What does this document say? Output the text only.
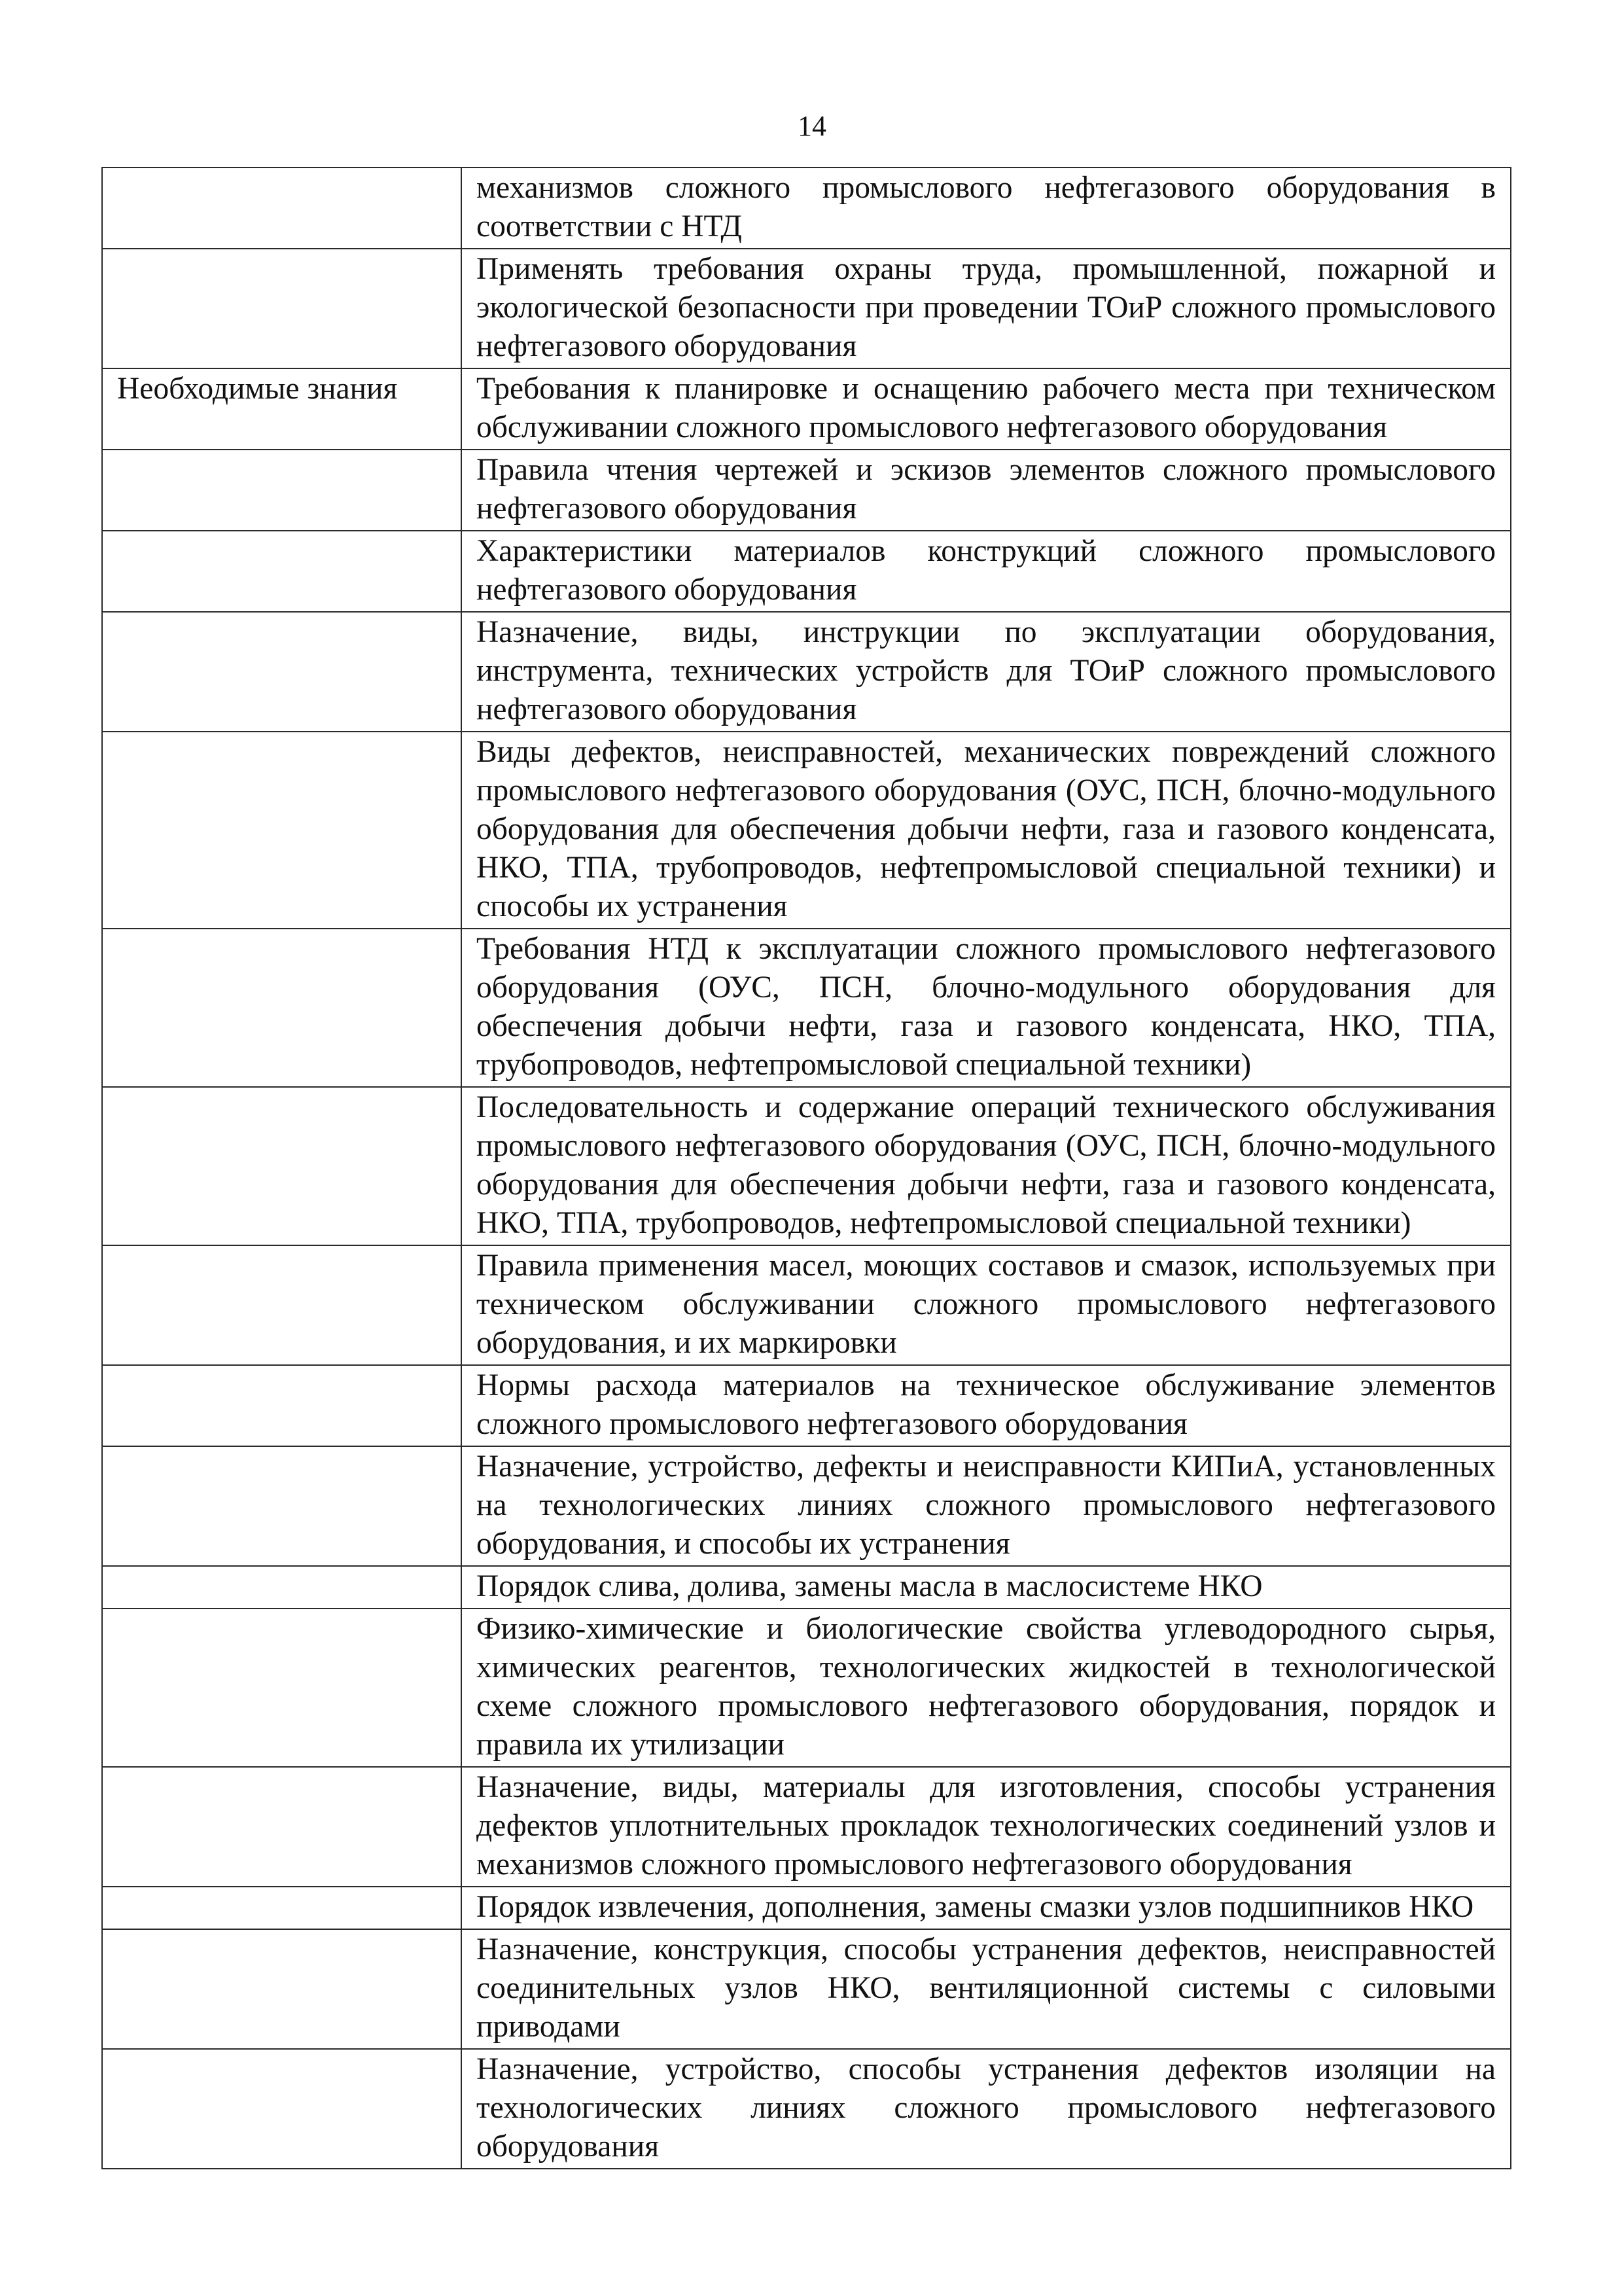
14
	механизмов сложного промыслового нефтегазового оборудования в соответствии с НТД
	Применять требования охраны труда, промышленной, пожарной и экологической безопасности при проведении ТОиР сложного промыслового нефтегазового оборудования
Необходимые знания	Требования к планировке и оснащению рабочего места при техническом обслуживании сложного промыслового нефтегазового оборудования
	Правила чтения чертежей и эскизов элементов сложного промыслового нефтегазового оборудования
	Характеристики материалов конструкций сложного промыслового нефтегазового оборудования
	Назначение, виды, инструкции по эксплуатации оборудования, инструмента, технических устройств для ТОиР сложного промыслового нефтегазового оборудования
	Виды дефектов, неисправностей, механических повреждений сложного промыслового нефтегазового оборудования (ОУС, ПСН, блочно-модульного оборудования для обеспечения добычи нефти, газа и газового конденсата, НКО, ТПА, трубопроводов, нефтепромысловой специальной техники) и способы их устранения
	Требования НТД к эксплуатации сложного промыслового нефтегазового оборудования (ОУС, ПСН, блочно-модульного оборудования для обеспечения добычи нефти, газа и газового конденсата, НКО, ТПА, трубопроводов, нефтепромысловой специальной техники)
	Последовательность и содержание операций технического обслуживания промыслового нефтегазового оборудования (ОУС, ПСН, блочно-модульного оборудования для обеспечения добычи нефти, газа и газового конденсата, НКО, ТПА, трубопроводов, нефтепромысловой специальной техники)
	Правила применения масел, моющих составов и смазок, используемых при техническом обслуживании сложного промыслового нефтегазового оборудования, и их маркировки
	Нормы расхода материалов на техническое обслуживание элементов сложного промыслового нефтегазового оборудования
	Назначение, устройство, дефекты и неисправности КИПиА, установленных на технологических линиях сложного промыслового нефтегазового оборудования, и способы их устранения
	Порядок слива, долива, замены масла в маслосистеме НКО
	Физико-химические и биологические свойства углеводородного сырья, химических реагентов, технологических жидкостей в технологической схеме сложного промыслового нефтегазового оборудования, порядок и правила их утилизации
	Назначение, виды, материалы для изготовления, способы устранения дефектов уплотнительных прокладок технологических соединений узлов и механизмов сложного промыслового нефтегазового оборудования
	Порядок извлечения, дополнения, замены смазки узлов подшипников НКО
	Назначение, конструкция, способы устранения дефектов, неисправностей соединительных узлов НКО, вентиляционной системы с силовыми приводами
	Назначение, устройство, способы устранения дефектов изоляции на технологических линиях сложного промыслового нефтегазового оборудования
